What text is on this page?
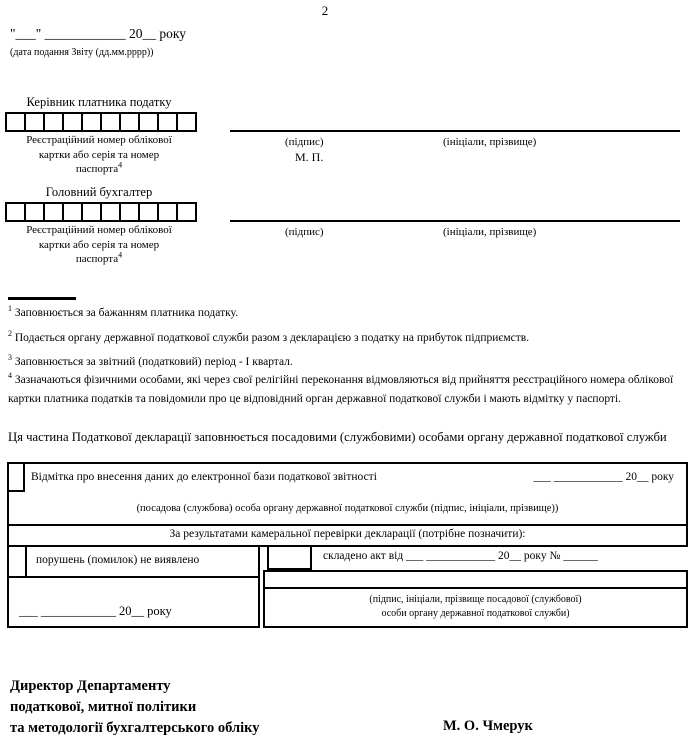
2
"___" ____________ 20__ року
(дата подання Звіту (дд.мм.рррр))
Керівник платника податку
Реєстраційний номер облікової
картки або серія та номер
паспорта$^4$
(підпис)	(ініціали, прізвище)
М. П.
Головний бухгалтер
Реєстраційний номер облікової
картки або серія та номер
паспорта$^4$
(підпис)	(ініціали, прізвище)
$^1$ Заповнюється за бажанням платника податку.
$^2$ Подається органу державної податкової служби разом з декларацією з податку на прибуток підприємств.
$^3$ Заповнюється за звітний (податковий) період - І квартал.
$^4$ Зазначаються фізичними особами, які через свої релігійні переконання відмовляються від прийняття реєстраційного номера облікової картки платника податків та повідомили про це відповідний орган державної податкової служби і мають відмітку у паспорті.
Ця частина Податкової декларації заповнюється посадовими (службовими) особами органу державної податкової служби
Відмітка про внесення даних до електронної бази податкової звітності	___ ____________ 20__ року
(посадова (службова) особа органу державної податкової служби (підпис, ініціали, прізвище))
За результатами камеральної перевірки декларації (потрібне позначити):
порушень (помилок) не виявлено	складено акт від ___ ____________ 20__ року № ______
___ ____________ 20__ року
(підпис, ініціали, прізвище посадової (службової)
особи органу державної податкової служби)
Директор Департаменту
податкової, митної політики
та методології бухгалтерського обліку	М. О. Чмерук
